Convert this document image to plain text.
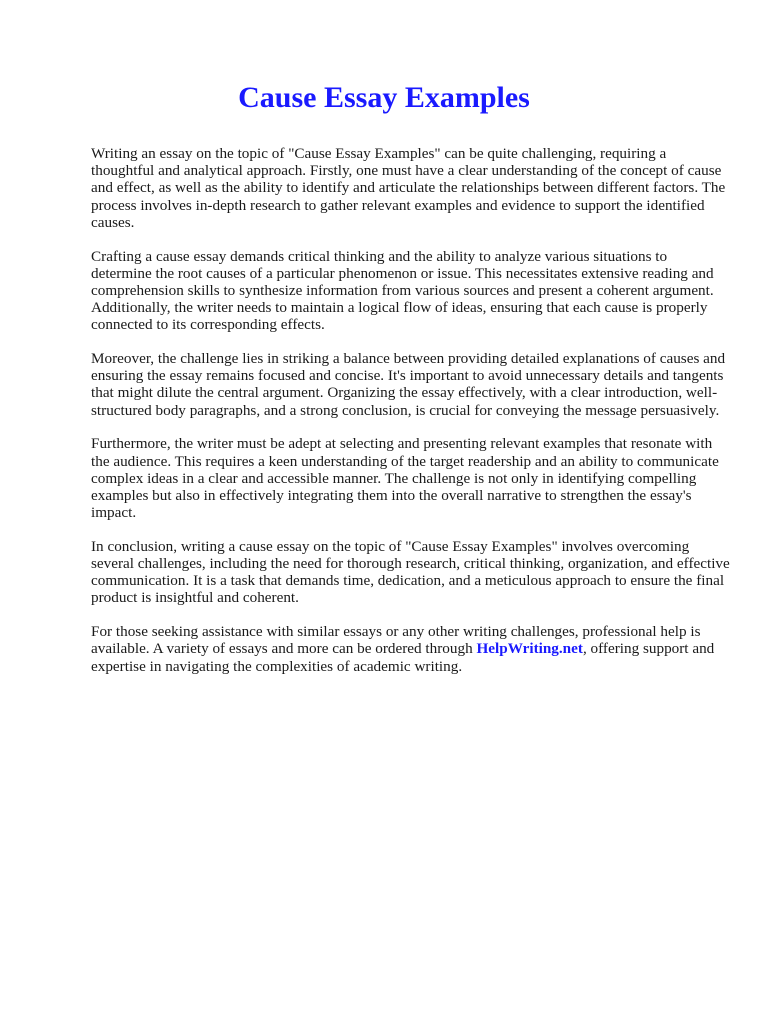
Cause Essay Examples

Writing an essay on the topic of "Cause Essay Examples" can be quite challenging, requiring a thoughtful and analytical approach. Firstly, one must have a clear understanding of the concept of cause and effect, as well as the ability to identify and articulate the relationships between different factors. The process involves in-depth research to gather relevant examples and evidence to support the identified causes.

Crafting a cause essay demands critical thinking and the ability to analyze various situations to determine the root causes of a particular phenomenon or issue. This necessitates extensive reading and comprehension skills to synthesize information from various sources and present a coherent argument. Additionally, the writer needs to maintain a logical flow of ideas, ensuring that each cause is properly connected to its corresponding effects.

Moreover, the challenge lies in striking a balance between providing detailed explanations of causes and ensuring the essay remains focused and concise. It's important to avoid unnecessary details and tangents that might dilute the central argument. Organizing the essay effectively, with a clear introduction, well-structured body paragraphs, and a strong conclusion, is crucial for conveying the message persuasively.

Furthermore, the writer must be adept at selecting and presenting relevant examples that resonate with the audience. This requires a keen understanding of the target readership and an ability to communicate complex ideas in a clear and accessible manner. The challenge is not only in identifying compelling examples but also in effectively integrating them into the overall narrative to strengthen the essay's impact.

In conclusion, writing a cause essay on the topic of "Cause Essay Examples" involves overcoming several challenges, including the need for thorough research, critical thinking, organization, and effective communication. It is a task that demands time, dedication, and a meticulous approach to ensure the final product is insightful and coherent.

For those seeking assistance with similar essays or any other writing challenges, professional help is available. A variety of essays and more can be ordered through HelpWriting.net, offering support and expertise in navigating the complexities of academic writing.
